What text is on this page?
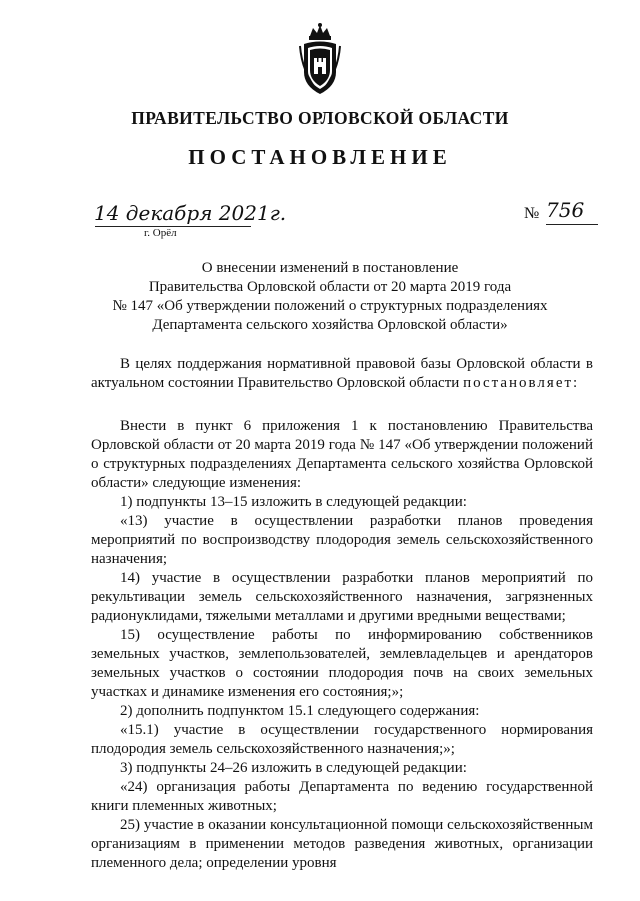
ПРАВИТЕЛЬСТВО ОРЛОВСКОЙ ОБЛАСТИ
ПОСТАНОВЛЕНИЕ
14 декабря 2021г.
г. Орёл
№ 756
О внесении изменений в постановление
Правительства Орловской области от 20 марта 2019 года
№ 147 «Об утверждении положений о структурных подразделениях
Департамента сельского хозяйства Орловской области»

В целях поддержания нормативной правовой базы Орловской области в актуальном состоянии Правительство Орловской области постановляет:

Внести в пункт 6 приложения 1 к постановлению Правительства Орловской области от 20 марта 2019 года № 147 «Об утверждении положений о структурных подразделениях Департамента сельского хозяйства Орловской области» следующие изменения:

1) подпункты 13–15 изложить в следующей редакции:

«13) участие в осуществлении разработки планов проведения мероприятий по воспроизводству плодородия земель сельскохозяйственного назначения;

14) участие в осуществлении разработки планов мероприятий по рекультивации земель сельскохозяйственного назначения, загрязненных радионуклидами, тяжелыми металлами и другими вредными веществами;

15) осуществление работы по информированию собственников земельных участков, землепользователей, землевладельцев и арендаторов земельных участков о состоянии плодородия почв на своих земельных участках и динамике изменения его состояния;»;

2) дополнить подпунктом 15.1 следующего содержания:

«15.1) участие в осуществлении государственного нормирования плодородия земель сельскохозяйственного назначения;»;

3) подпункты 24–26 изложить в следующей редакции:

«24) организация работы Департамента по ведению государственной книги племенных животных;

25) участие в оказании консультационной помощи сельскохозяйственным организациям в применении методов разведения животных, организации племенного дела; определении уровня
